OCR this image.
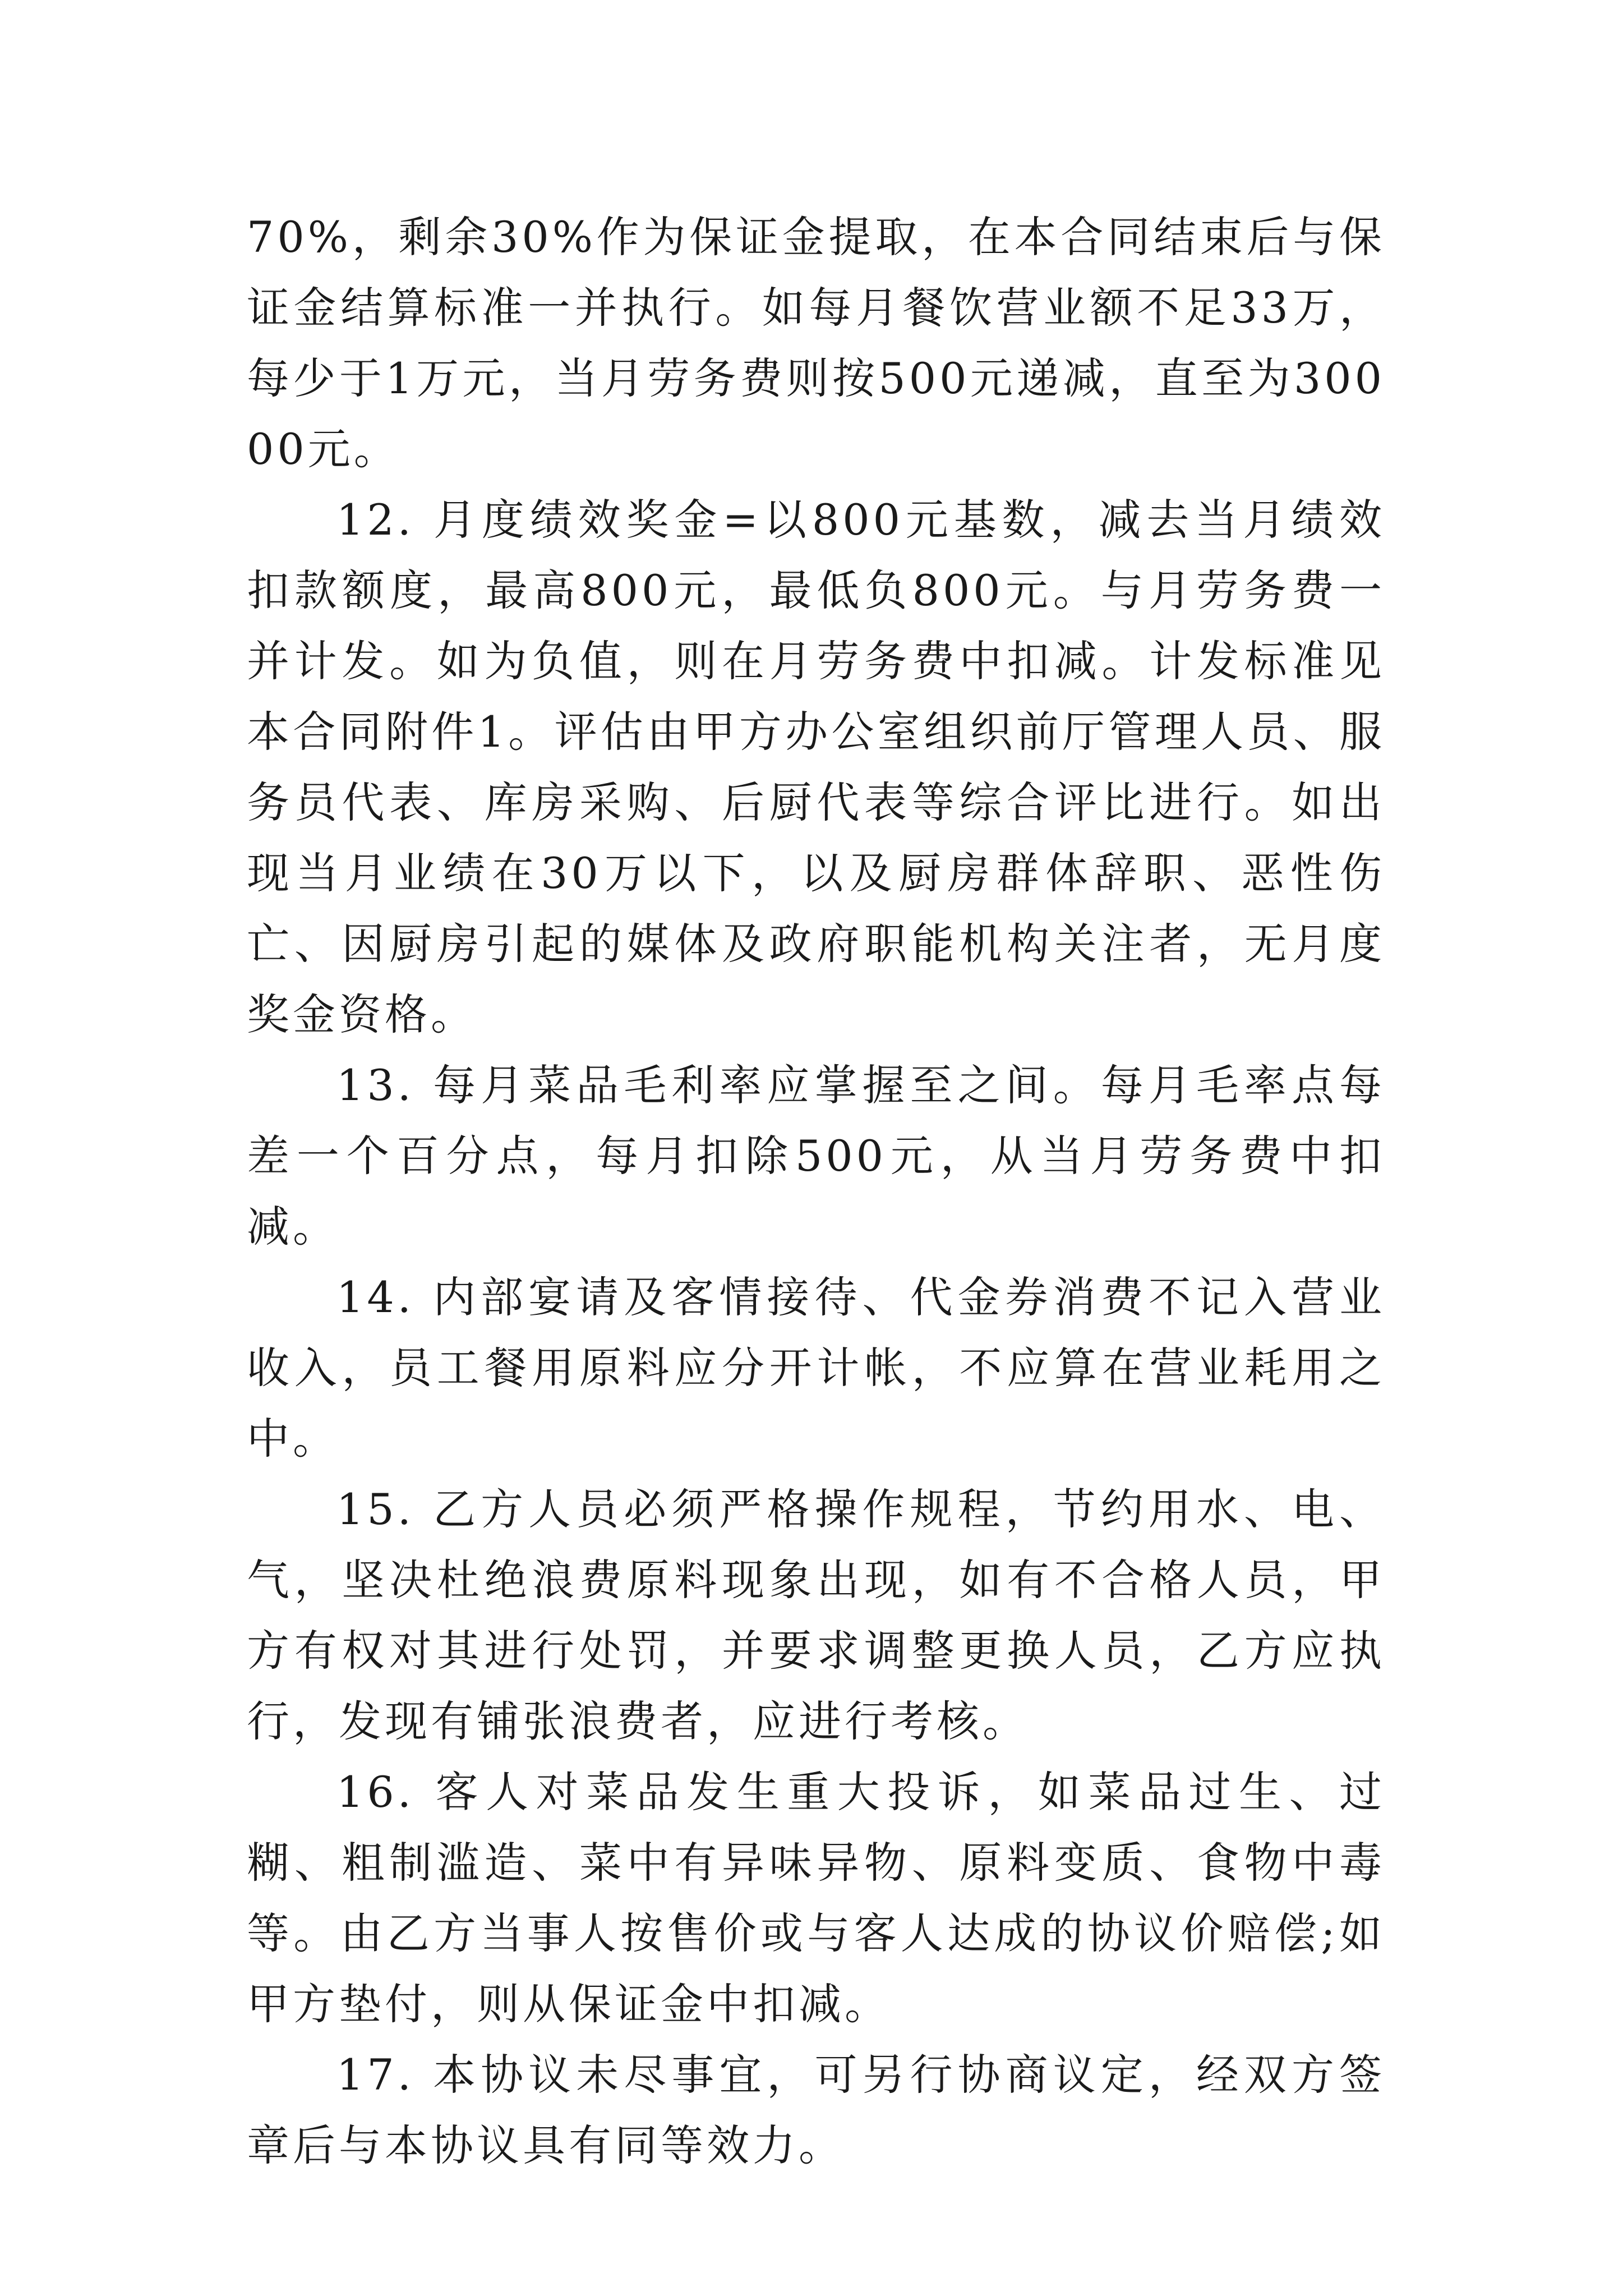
70%，剩余30%作为保证金提取，在本合同结束后与保证金结算标准一并执行。如每月餐饮营业额不足33万，每少于1万元，当月劳务费则按500元递减，直至为30000元。

12. 月度绩效奖金=以800元基数，减去当月绩效扣款额度，最高800元，最低负800元。与月劳务费一并计发。如为负值，则在月劳务费中扣减。计发标准见本合同附件1。评估由甲方办公室组织前厅管理人员、服务员代表、库房采购、后厨代表等综合评比进行。如出现当月业绩在30万以下，以及厨房群体辞职、恶性伤亡、因厨房引起的媒体及政府职能机构关注者，无月度奖金资格。

13. 每月菜品毛利率应掌握至之间。每月毛率点每差一个百分点，每月扣除500元，从当月劳务费中扣减。

14. 内部宴请及客情接待、代金券消费不记入营业收入，员工餐用原料应分开计帐，不应算在营业耗用之中。

15. 乙方人员必须严格操作规程，节约用水、电、气，坚决杜绝浪费原料现象出现，如有不合格人员，甲方有权对其进行处罚，并要求调整更换人员，乙方应执行，发现有铺张浪费者，应进行考核。

16. 客人对菜品发生重大投诉，如菜品过生、过糊、粗制滥造、菜中有异味异物、原料变质、食物中毒等。由乙方当事人按售价或与客人达成的协议价赔偿;如甲方垫付，则从保证金中扣减。

17. 本协议未尽事宜，可另行协商议定，经双方签章后与本协议具有同等效力。
